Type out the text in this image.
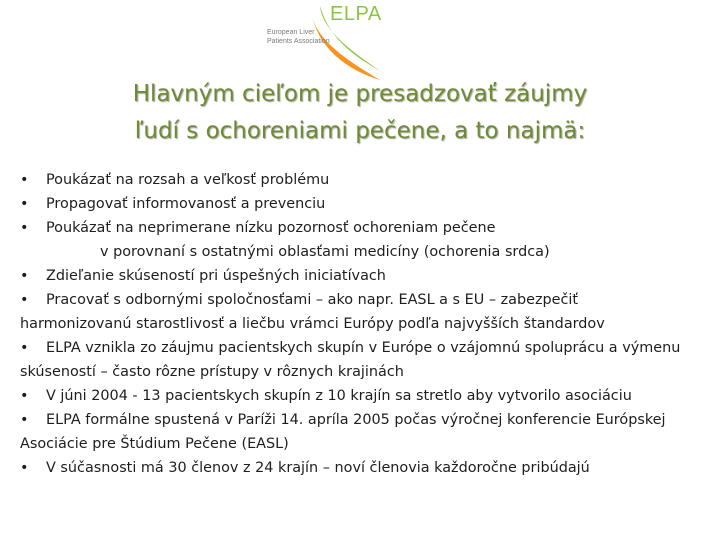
ELPA
European Liver
Patients Association
Hlavným cieľom je presadzovať záujmy
ľudí s ochoreniami pečene, a to najmä:

• Poukázať na rozsah a veľkosť problému

• Propagovať informovanosť a prevenciu

• Poukázať na neprimerane nízku pozornosť ochoreniam pečene

v porovnaní s ostatnými oblasťami medicíny (ochorenia srdca)

• Zdieľanie skúseností pri úspešných iniciatívach

• Pracovať s odbornými spoločnosťami – ako napr. EASL a s EU – zabezpečiť harmonizovanú starostlivosť a liečbu vrámci Európy podľa najvyšších štandardov

• ELPA vznikla zo záujmu pacientskych skupín v Európe o vzájomnú spoluprácu a výmenu skúseností – často rôzne prístupy v rôznych krajinách

• V júni 2004 - 13 pacientskych skupín z 10 krajín sa stretlo aby vytvorilo asociáciu

• ELPA formálne spustená v Paríži 14. apríla 2005 počas výročnej konferencie Európskej Asociácie pre Štúdium Pečene (EASL)

• V súčasnosti má 30 členov z 24 krajín – noví členovia každoročne pribúdajú
